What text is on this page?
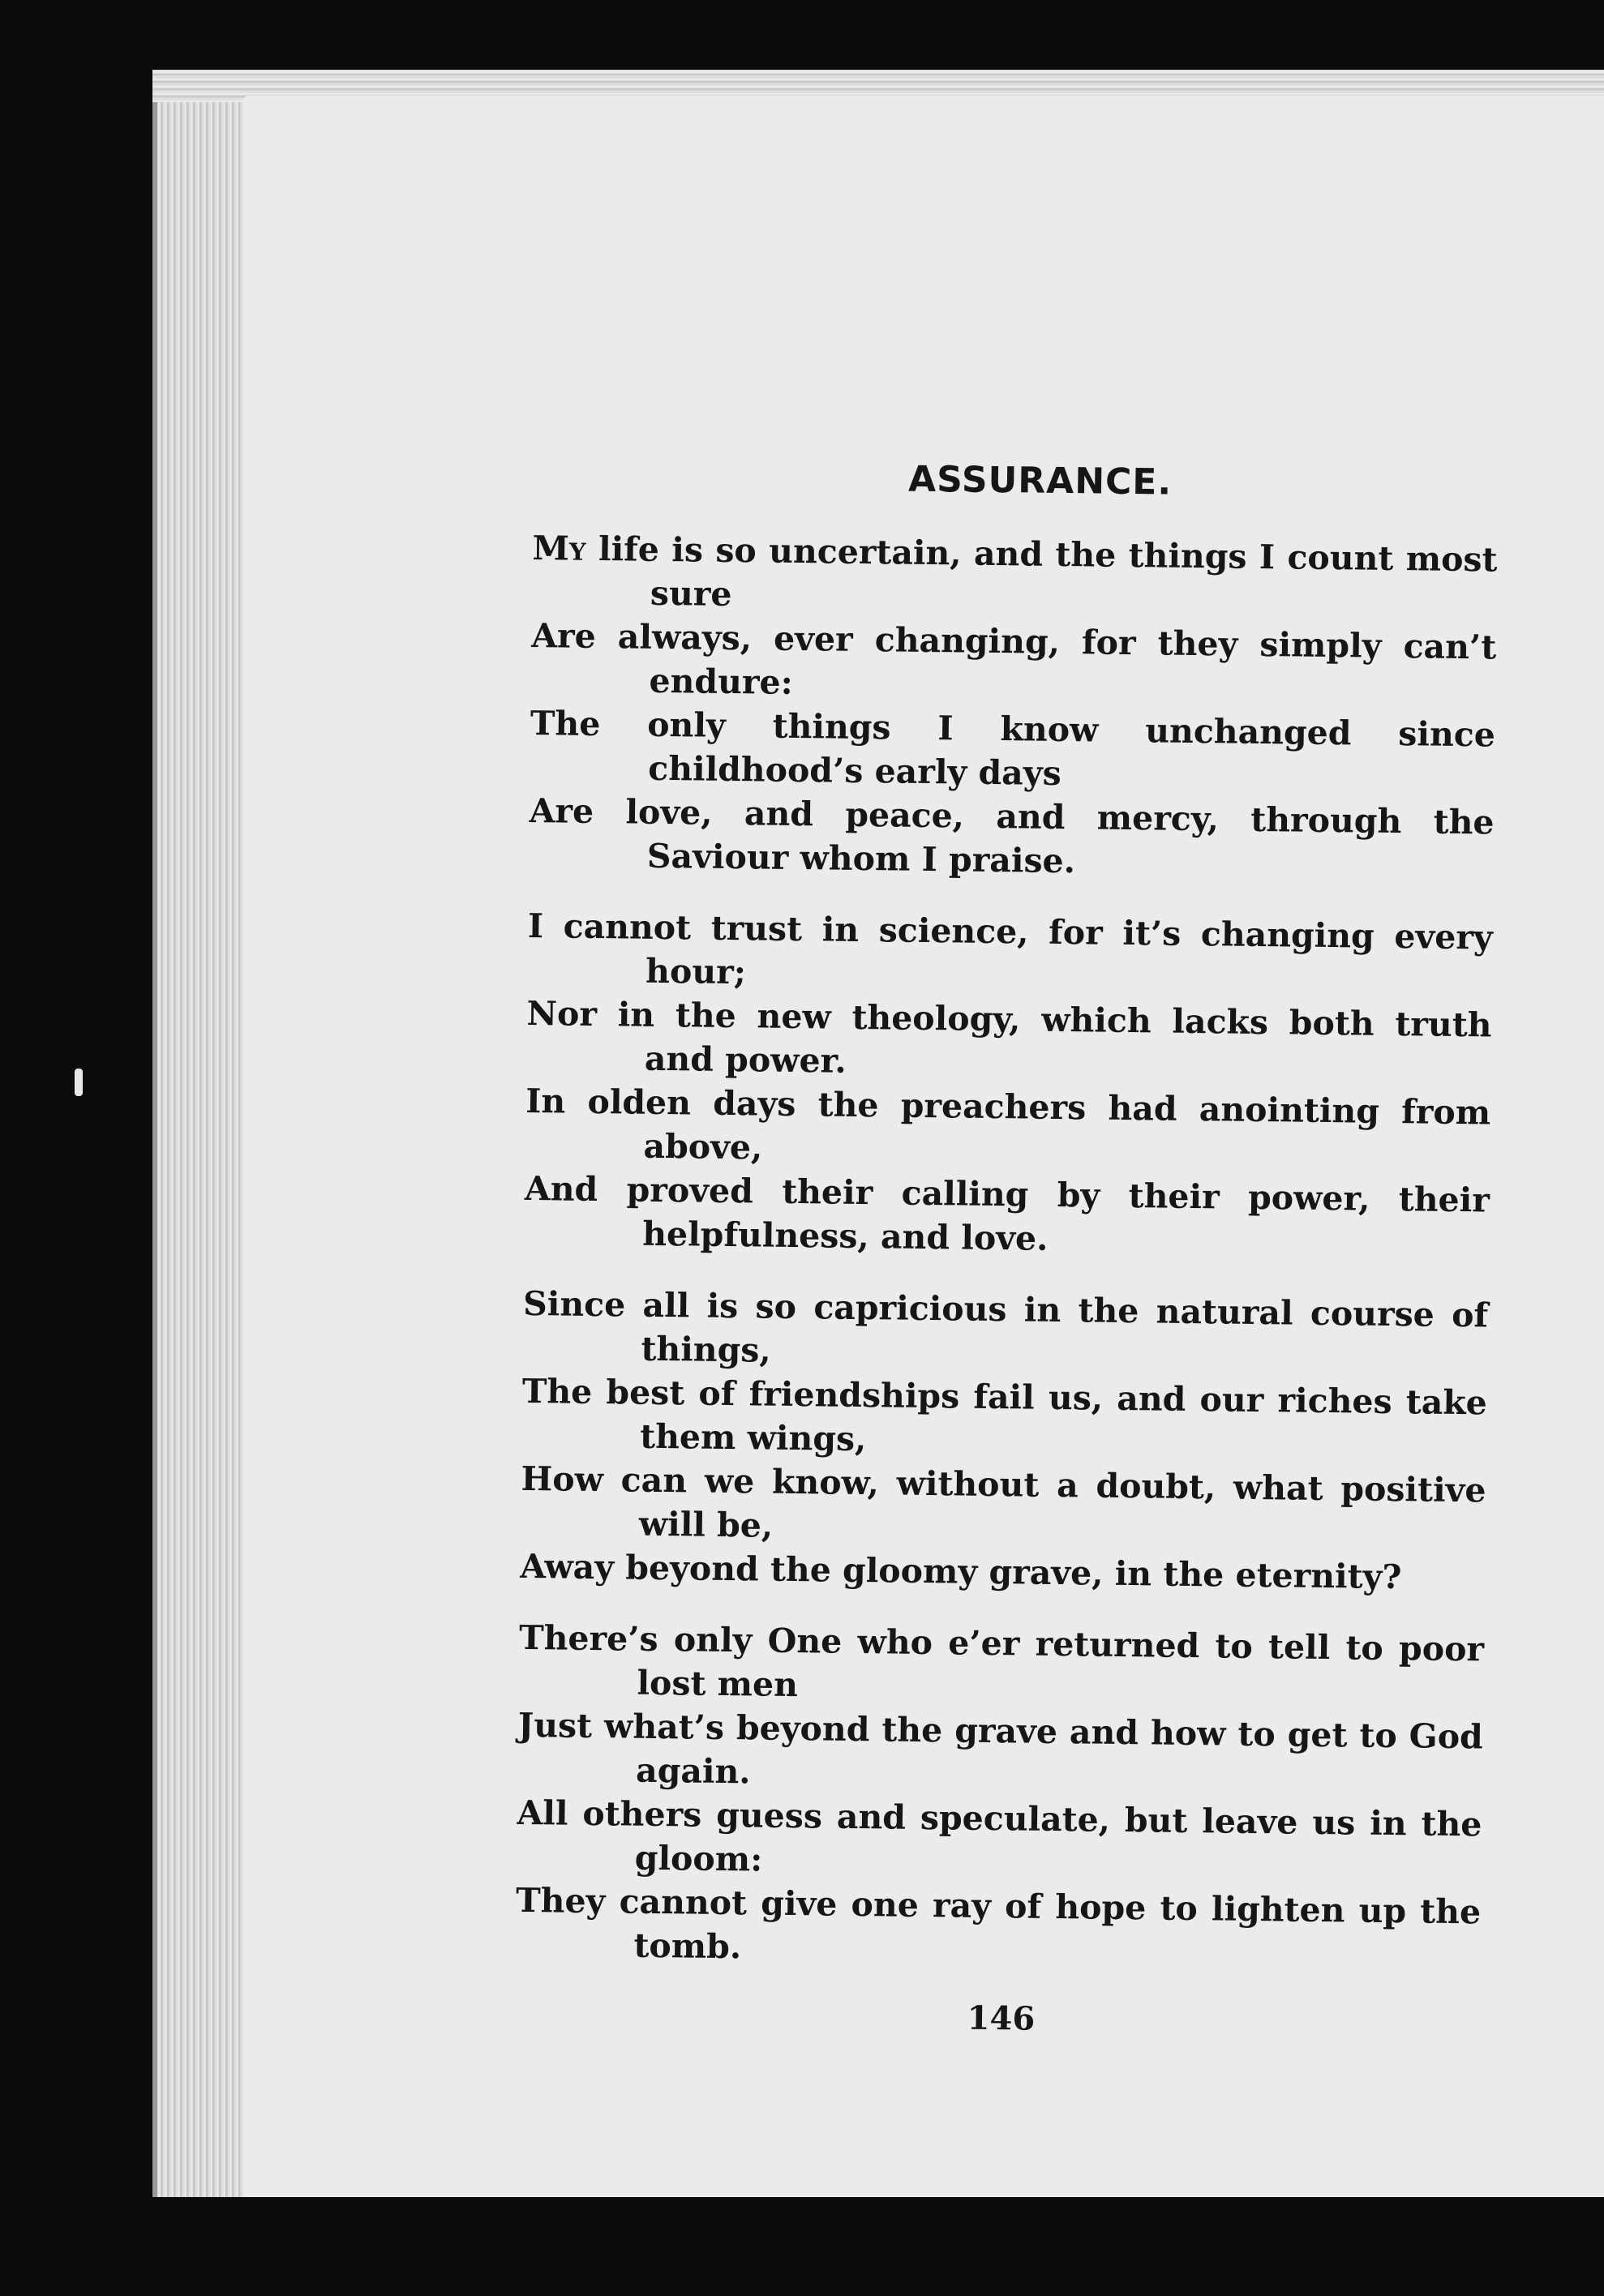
ASSURANCE.
My life is so uncertain, and the things I count most sure
Are always, ever changing, for they simply can’t endure:
The only things I know unchanged since childhood’s early days
Are love, and peace, and mercy, through the Saviour whom I praise.
I cannot trust in science, for it’s changing every hour;
Nor in the new theology, which lacks both truth and power.
In olden days the preachers had anointing from above,
And proved their calling by their power, their helpfulness, and love.
Since all is so capricious in the natural course of things,
The best of friendships fail us, and our riches take them wings,
How can we know, without a doubt, what positive will be,
Away beyond the gloomy grave, in the eternity?
There’s only One who e’er returned to tell to poor lost men
Just what’s beyond the grave and how to get to God again.
All others guess and speculate, but leave us in the gloom:
They cannot give one ray of hope to lighten up the tomb.
146
